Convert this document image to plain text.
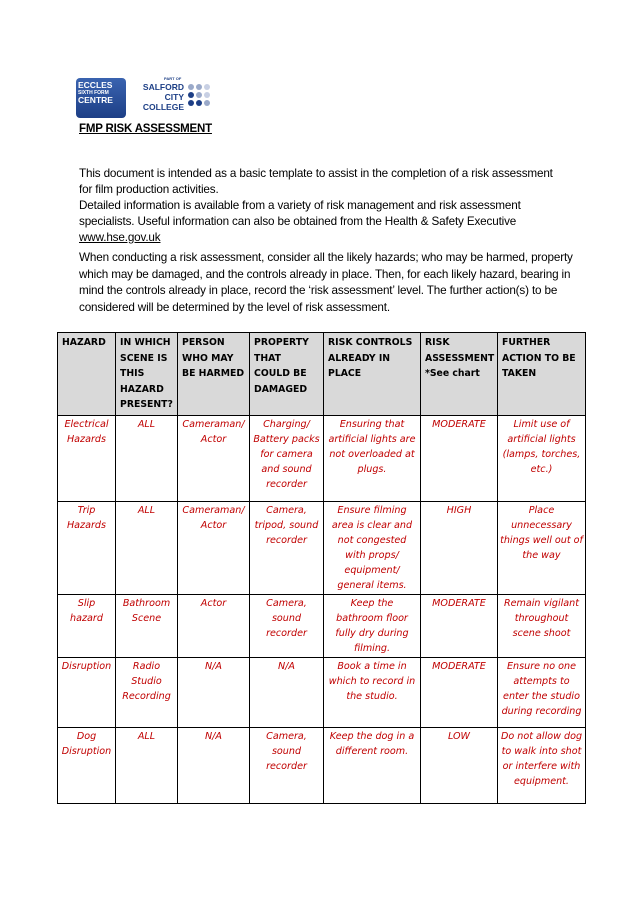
ECCLES
SIXTH FORM
CENTRE
PART OF
SALFORD
CITY
COLLEGE
FMP RISK ASSESSMENT

This document is intended as a basic template to assist in the completion of a risk assessment for film production activities.

Detailed information is available from a variety of risk management and risk assessment specialists. Useful information can also be obtained from the Health & Safety Executive

www.hse.gov.uk

When conducting a risk assessment, consider all the likely hazards; who may be harmed, property which may be damaged, and the controls already in place. Then, for each likely hazard, bearing in mind the controls already in place, record the ‘risk assessment’ level. The further action(s) to be considered will be determined by the level of risk assessment.
HAZARD	IN WHICH SCENE IS THIS HAZARD PRESENT?	PERSON WHO MAY BE HARMED	PROPERTY THAT COULD BE DAMAGED	RISK CONTROLS ALREADY IN PLACE	RISK ASSESSMENT *See chart	FURTHER ACTION TO BE TAKEN
Electrical Hazards	ALL	Cameraman/ Actor	Charging/ Battery packs for camera and sound recorder	Ensuring that artificial lights are not overloaded at plugs.	MODERATE	Limit use of artificial lights (lamps, torches, etc.)
Trip Hazards	ALL	Cameraman/ Actor	Camera, tripod, sound recorder	Ensure filming area is clear and not congested with props/ equipment/ general items.	HIGH	Place unnecessary things well out of the way
Slip hazard	Bathroom Scene	Actor	Camera, sound recorder	Keep the bathroom floor fully dry during filming.	MODERATE	Remain vigilant throughout scene shoot
Disruption	Radio Studio Recording	N/A	N/A	Book a time in which to record in the studio.	MODERATE	Ensure no one attempts to enter the studio during recording
Dog Disruption	ALL	N/A	Camera, sound recorder	Keep the dog in a different room.	LOW	Do not allow dog to walk into shot or interfere with equipment.
